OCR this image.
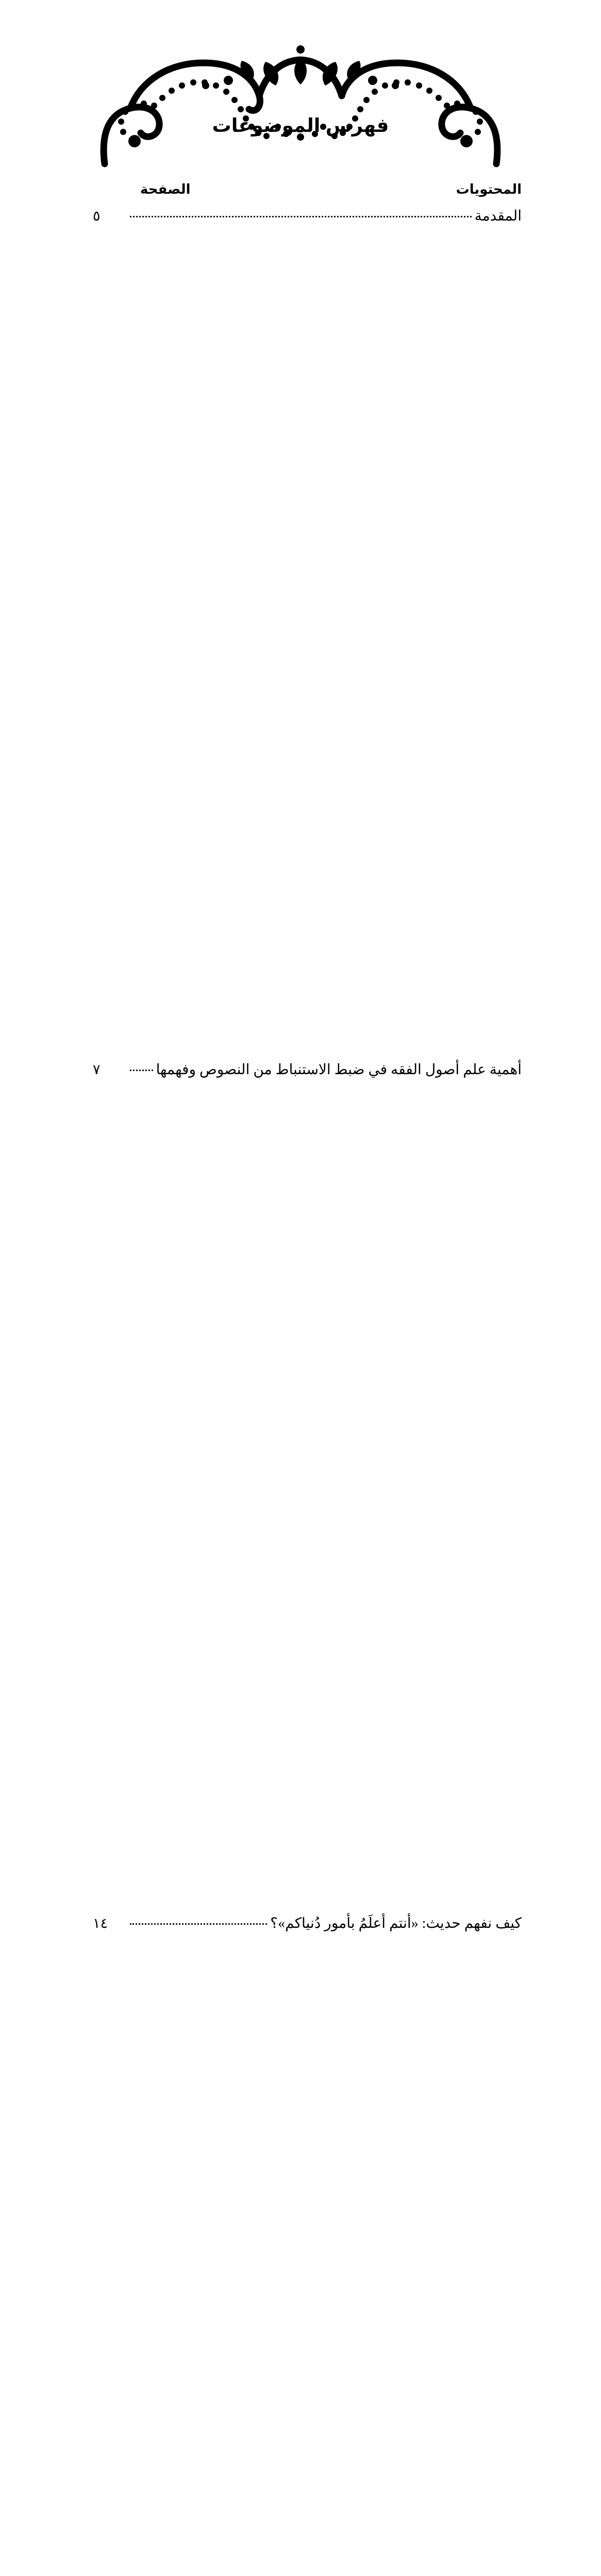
فهرس الموضوعات
المحتويات
الصفحة
المقدمة
٥
أهمية علم أصول الفقه في ضبط الاستنباط من النصوص وفهمها
٧
كيف نفهم حديث: «أنتم أعلَمُ بأمور دُنياكم»؟
١٤
